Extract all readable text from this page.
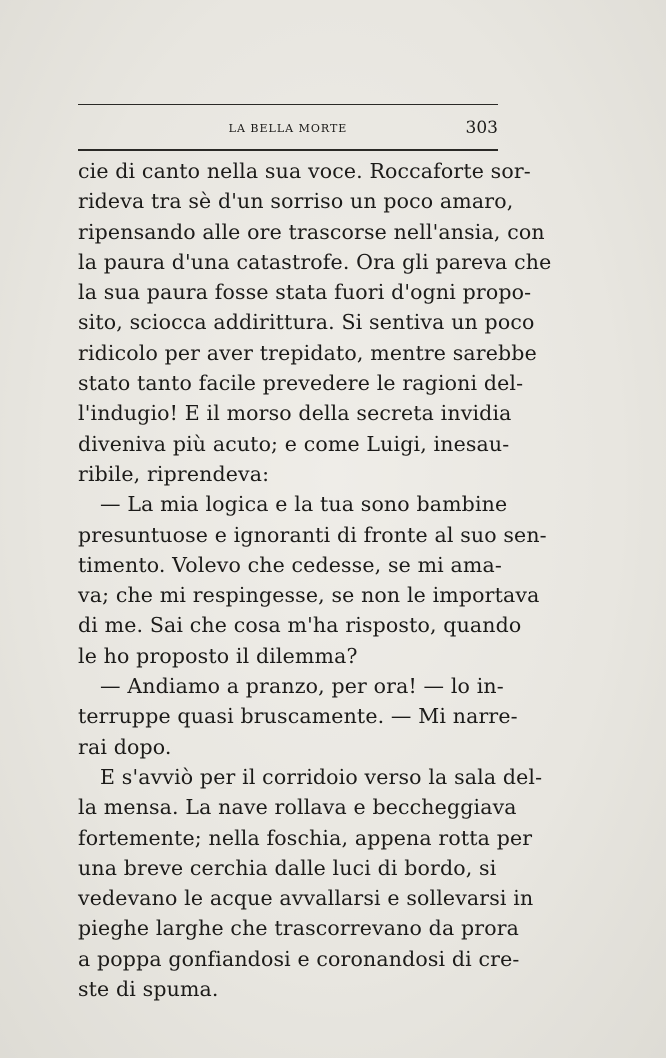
LA BELLA MORTE	303
cie di canto nella sua voce. Roccaforte sor-
rideva tra sè d'un sorriso un poco amaro,
ripensando alle ore trascorse nell'ansia, con
la paura d'una catastrofe. Ora gli pareva che
la sua paura fosse stata fuori d'ogni propo-
sito, sciocca addirittura. Si sentiva un poco
ridicolo per aver trepidato, mentre sarebbe
stato tanto facile prevedere le ragioni del-
l'indugio! E il morso della secreta invidia
diveniva più acuto; e come Luigi, inesau-
ribile, riprendeva:
— La mia logica e la tua sono bambine
presuntuose e ignoranti di fronte al suo sen-
timento. Volevo che cedesse, se mi ama-
va; che mi respingesse, se non le importava
di me. Sai che cosa m'ha risposto, quando
le ho proposto il dilemma?
— Andiamo a pranzo, per ora! — lo in-
terruppe quasi bruscamente. — Mi narre-
rai dopo.
E s'avviò per il corridoio verso la sala del-
la mensa. La nave rollava e beccheggiava
fortemente; nella foschia, appena rotta per
una breve cerchia dalle luci di bordo, si
vedevano le acque avvallarsi e sollevarsi in
pieghe larghe che trascorrevano da prora
a poppa gonfiandosi e coronandosi di cre-
ste di spuma.
